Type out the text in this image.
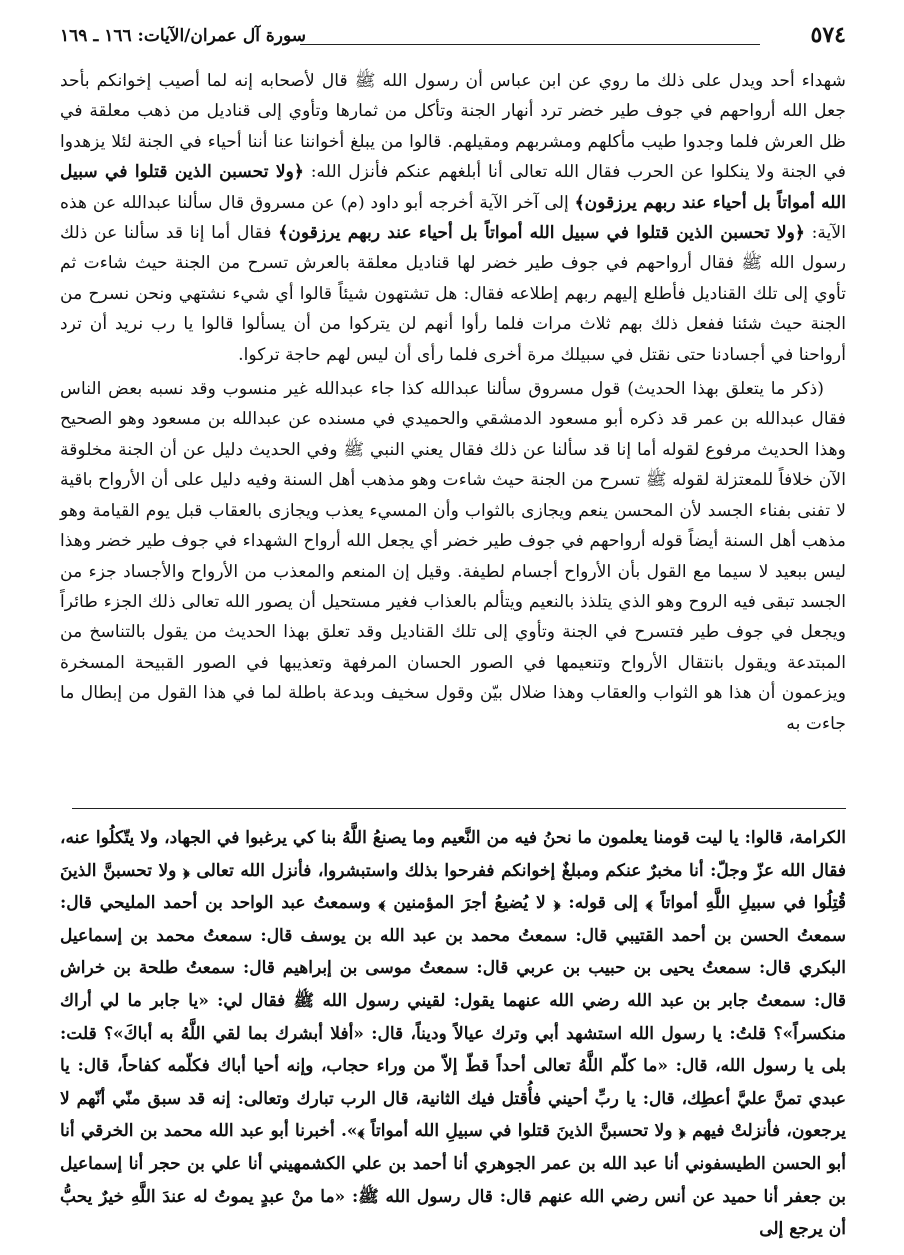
٥٧٤
سورة آل عمران/الآيات: ١٦٦ ـ ١٦٩

شهداء أحد ويدل على ذلك ما روي عن ابن عباس أن رسول الله ﷺ قال لأصحابه إنه لما أصيب إخوانكم بأحد جعل الله أرواحهم في جوف طير خضر ترد أنهار الجنة وتأكل من ثمارها وتأوي إلى قناديل من ذهب معلقة في ظل العرش فلما وجدوا طيب مأكلهم ومشربهم ومقيلهم. قالوا من يبلغ أخواننا عنا أننا أحياء في الجنة لئلا يزهدوا في الجنة ولا ينكلوا عن الحرب فقال الله تعالى أنا أبلغهم عنكم فأنزل الله: ﴿ولا تحسبن الذين قتلوا في سبيل الله أمواتاً بل أحياء عند ربهم يرزقون﴾ إلى آخر الآية أخرجه أبو داود (م) عن مسروق قال سألنا عبدالله عن هذه الآية: ﴿ولا تحسبن الذين قتلوا في سبيل الله أمواتاً بل أحياء عند ربهم يرزقون﴾ فقال أما إنا قد سألنا عن ذلك رسول الله ﷺ فقال أرواحهم في جوف طير خضر لها قناديل معلقة بالعرش تسرح من الجنة حيث شاءت ثم تأوي إلى تلك القناديل فأطلع إليهم ربهم إطلاعه فقال: هل تشتهون شيئاً قالوا أي شيء نشتهي ونحن نسرح من الجنة حيث شئنا ففعل ذلك بهم ثلاث مرات فلما رأوا أنهم لن يتركوا من أن يسألوا قالوا يا رب نريد أن ترد أرواحنا في أجسادنا حتى نقتل في سبيلك مرة أخرى فلما رأى أن ليس لهم حاجة تركوا.

(ذكر ما يتعلق بهذا الحديث) قول مسروق سألنا عبدالله كذا جاء عبدالله غير منسوب وقد نسبه بعض الناس فقال عبدالله بن عمر قد ذكره أبو مسعود الدمشقي والحميدي في مسنده عن عبدالله بن مسعود وهو الصحيح وهذا الحديث مرفوع لقوله أما إنا قد سألنا عن ذلك فقال يعني النبي ﷺ وفي الحديث دليل عن أن الجنة مخلوقة الآن خلافاً للمعتزلة لقوله ﷺ تسرح من الجنة حيث شاءت وهو مذهب أهل السنة وفيه دليل على أن الأرواح باقية لا تفنى بفناء الجسد لأن المحسن ينعم ويجازى بالثواب وأن المسيء يعذب ويجازى بالعقاب قبل يوم القيامة وهو مذهب أهل السنة أيضاً قوله أرواحهم في جوف طير خضر أي يجعل الله أرواح الشهداء في جوف طير خضر وهذا ليس ببعيد لا سيما مع القول بأن الأرواح أجسام لطيفة. وقيل إن المنعم والمعذب من الأرواح والأجساد جزء من الجسد تبقى فيه الروح وهو الذي يتلذذ بالنعيم ويتألم بالعذاب فغير مستحيل أن يصور الله تعالى ذلك الجزء طائراً ويجعل في جوف طير فتسرح في الجنة وتأوي إلى تلك القناديل وقد تعلق بهذا الحديث من يقول بالتناسخ من المبتدعة ويقول بانتقال الأرواح وتنعيمها في الصور الحسان المرفهة وتعذيبها في الصور القبيحة المسخرة ويزعمون أن هذا هو الثواب والعقاب وهذا ضلال بيّن وقول سخيف وبدعة باطلة لما في هذا القول من إبطال ما جاءت به

الكرامة، قالوا: يا ليت قومنا يعلمون ما نحنُ فيه من النَّعيم وما يصنعُ اللَّهُ بنا كي يرغبوا في الجهاد، ولا يتّكلُوا عنه، فقال الله عزّ وجلّ: أنا مخبرٌ عنكم ومبلغٌ إخوانكم ففرحوا بذلك واستبشروا، فأنزل الله تعالى ﴿ ولا تحسبنَّ الذينَ قُتِلُوا في سبيلِ اللَّهِ أمواتاً ﴾ إلى قوله: ﴿ لا يُضيعُ أجرَ المؤمنين ﴾ وسمعتُ عبد الواحد بن أحمد المليحي قال: سمعتُ الحسن بن أحمد القتيبي قال: سمعتُ محمد بن عبد الله بن يوسف قال: سمعتُ محمد بن إسماعيل البكري قال: سمعتُ يحيى بن حبيب بن عربي قال: سمعتُ موسى بن إبراهيم قال: سمعتُ طلحة بن خراش قال: سمعتُ جابر بن عبد الله رضي الله عنهما يقول: لقيني رسول الله ﷺ فقال لي: «يا جابر ما لي أراك منكسراً»؟ قلتُ: يا رسول الله استشهد أبي وترك عيالاً وديناً، قال: «أفلا أبشرك بما لقي اللَّهُ به أباكَ»؟ قلت: بلى يا رسول الله، قال: «ما كلّم اللَّهُ تعالى أحداً قطّ إلاّ من وراء حجاب، وإنه أحيا أباك فكلّمه كفاحاً، قال: يا عبدي تمنَّ عليَّ أعطِك، قال: يا ربِّ أحيني فأُقتل فيك الثانية، قال الرب تبارك وتعالى: إنه قد سبق منّي أنّهم لا يرجعون، فأنزلتْ فيهم ﴿ ولا تحسبنَّ الذينَ قتلوا في سبيلِ الله أمواتاً ﴾». أخبرنا أبو عبد الله محمد بن الخرقي أنا أبو الحسن الطيسفوني أنا عبد الله بن عمر الجوهري أنا أحمد بن علي الكشمهيني أنا علي بن حجر أنا إسماعيل بن جعفر أنا حميد عن أنس رضي الله عنهم قال: قال رسول الله ﷺ: «ما منْ عبدٍ يموتُ له عندَ اللَّهِ خيرٌ يحبُّ أن يرجع إلى
